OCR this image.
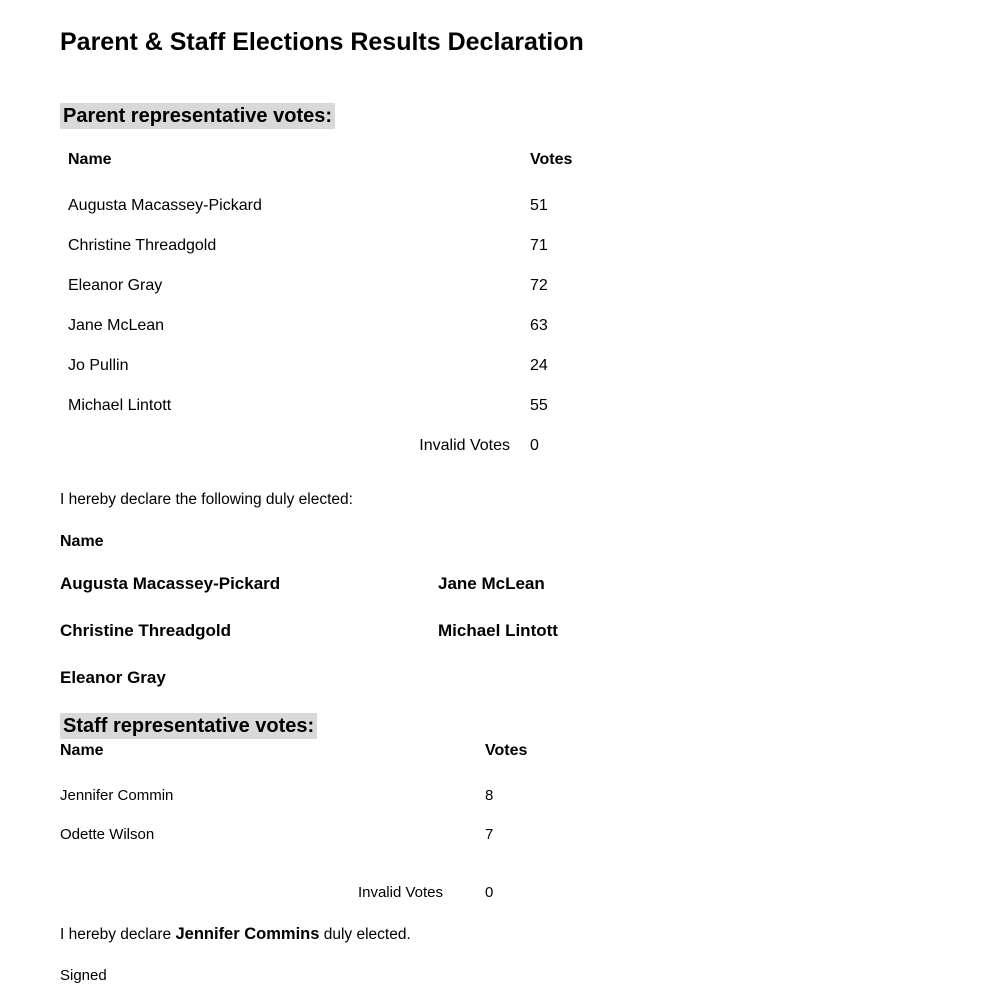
Parent & Staff Elections Results Declaration
Parent representative votes:
Name	Votes
Augusta Macassey-Pickard	51
Christine Threadgold	71
Eleanor Gray	72
Jane McLean	63
Jo Pullin	24
Michael Lintott	55
Invalid Votes	0

I hereby declare the following duly elected:

Name

Augusta Macassey-Pickard	Jane McLean
Christine Threadgold	Michael Lintott
Eleanor Gray
Staff representative votes:
Name	Votes
Jennifer Commin	8
Odette Wilson	7
Invalid Votes	0

I hereby declare Jennifer Commins duly elected.

Signed
